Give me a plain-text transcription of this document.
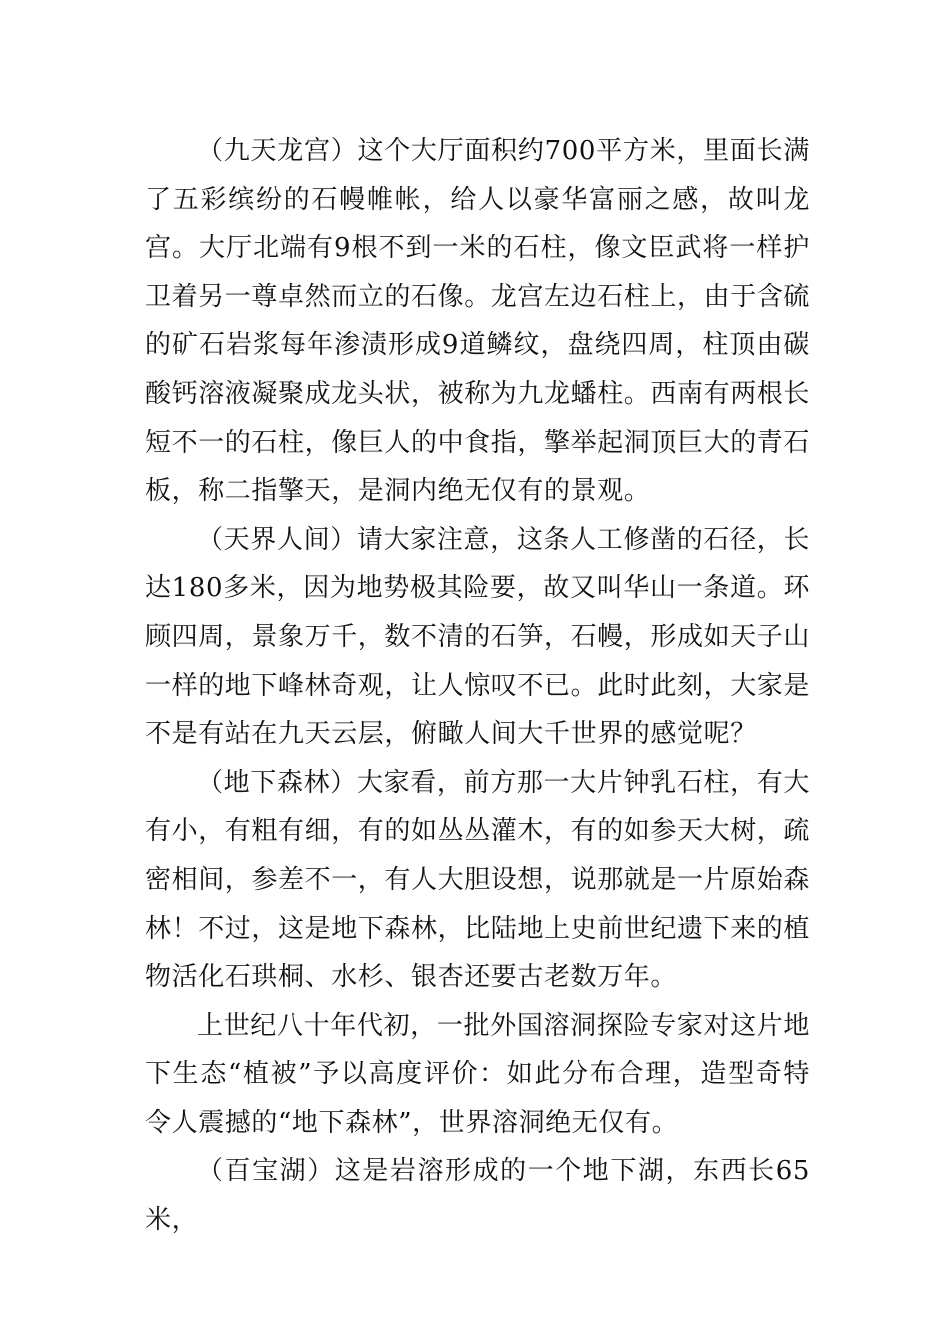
（九天龙宫）这个大厅面积约700平方米，里面长满了五彩缤纷的石幔帷帐，给人以豪华富丽之感，故叫龙宫。大厅北端有9根不到一米的石柱，像文臣武将一样护卫着另一尊卓然而立的石像。龙宫左边石柱上，由于含硫的矿石岩浆每年渗渍形成9道鳞纹，盘绕四周，柱顶由碳酸钙溶液凝聚成龙头状，被称为九龙蟠柱。西南有两根长短不一的石柱，像巨人的中食指，擎举起洞顶巨大的青石板，称二指擎天，是洞内绝无仅有的景观。

（天界人间）请大家注意，这条人工修凿的石径，长达180多米，因为地势极其险要，故又叫华山一条道。环顾四周，景象万千，数不清的石笋，石幔，形成如天子山一样的地下峰林奇观，让人惊叹不已。此时此刻，大家是不是有站在九天云层，俯瞰人间大千世界的感觉呢？

（地下森林）大家看，前方那一大片钟乳石柱，有大有小，有粗有细，有的如丛丛灌木，有的如参天大树，疏密相间，参差不一，有人大胆设想，说那就是一片原始森林！不过，这是地下森林，比陆地上史前世纪遗下来的植物活化石珙桐、水杉、银杏还要古老数万年。

上世纪八十年代初，一批外国溶洞探险专家对这片地下生态“植被”予以高度评价：如此分布合理，造型奇特令人震撼的“地下森林”，世界溶洞绝无仅有。

（百宝湖）这是岩溶形成的一个地下湖，东西长65米，
